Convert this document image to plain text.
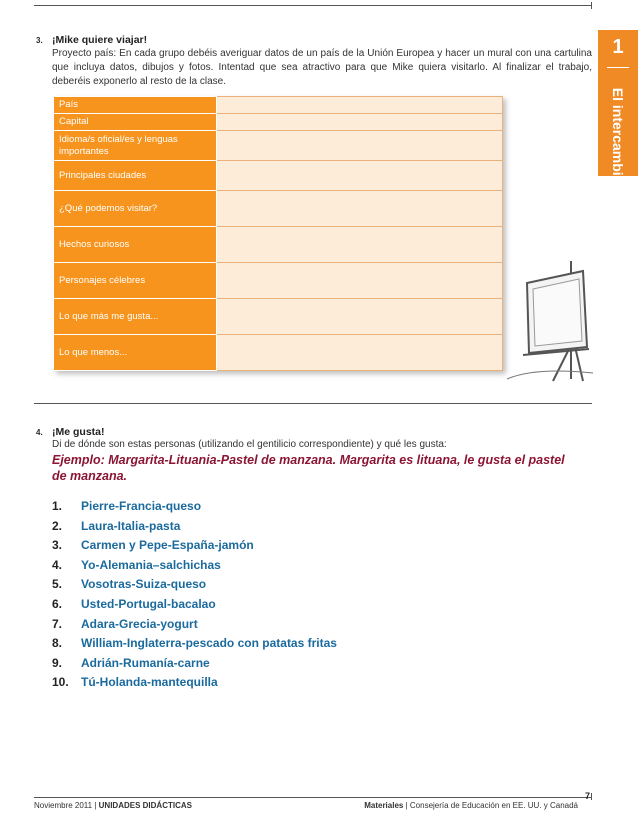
1
El intercambio
3. ¡Mike quiere viajar!
Proyecto país: En cada grupo debéis averiguar datos de un país de la Unión Europea y hacer un mural con una cartulina que incluya datos, dibujos y fotos. Intentad que sea atractivo para que Mike quiera visitarlo. Al finalizar el trabajo, deberéis exponerlo al resto de la clase.
País	
Capital	
Idioma/s oficial/es y lenguas importantes	
Principales ciudades	
¿Qué podemos visitar?	
Hechos curiosos	
Personajes célebres	
Lo que más me gusta...	
Lo que menos...	
4. ¡Me gusta!
Di de dónde son estas personas (utilizando el gentilicio correspondiente) y qué les gusta:
Ejemplo: Margarita-Lituania-Pastel de manzana. Margarita es lituana, le gusta el pastel de manzana.
1. Pierre-Francia-queso
2. Laura-Italia-pasta
3. Carmen y Pepe-España-jamón
4. Yo-Alemania–salchichas
5. Vosotras-Suiza-queso
6. Usted-Portugal-bacalao
7. Adara-Grecia-yogurt
8. William-Inglaterra-pescado con patatas fritas
9. Adrián-Rumanía-carne
10. Tú-Holanda-mantequilla
Noviembre 2011 | UNIDADES DIDÁCTICAS	Materiales | Consejería de Educación en EE. UU. y Canadá
7
